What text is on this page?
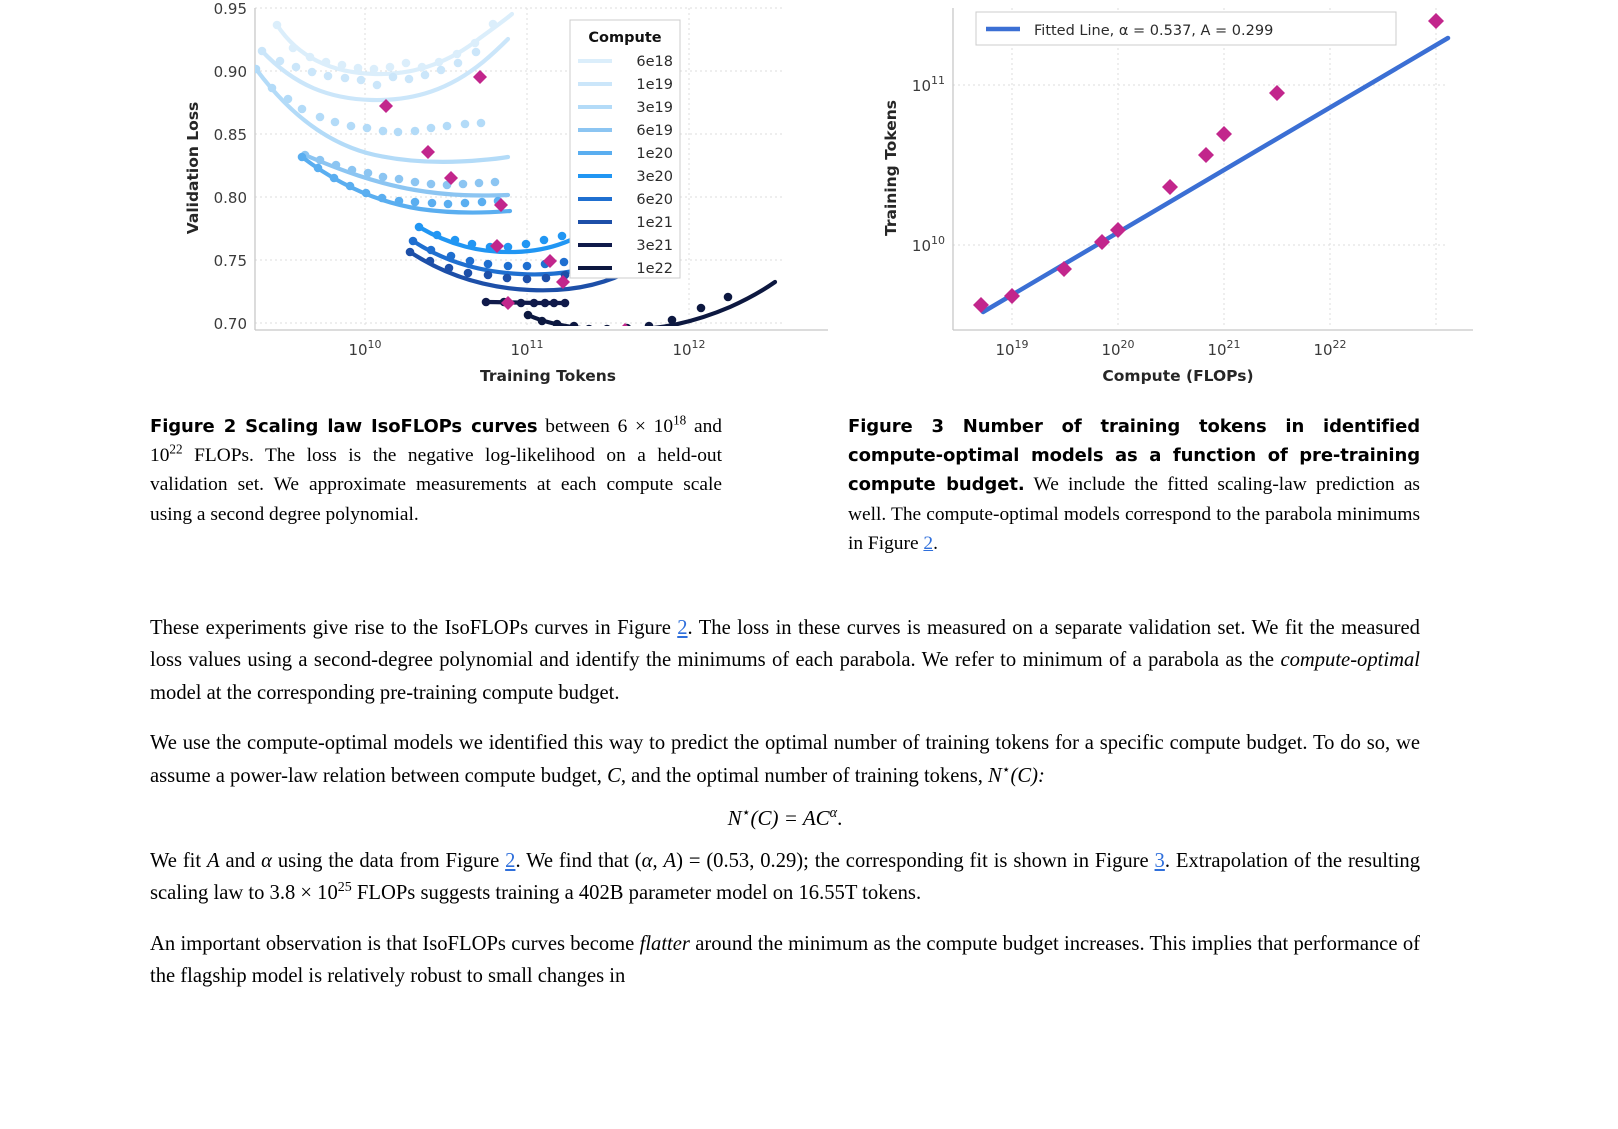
0.95
0.90
0.85
0.80
0.75
0.70
$10^{10}$	$10^{11}$	$10^{12}$
Training Tokens
Validation Loss
Compute
6e18
1e19
3e19
6e19
1e20
3e20
6e20
1e21
3e21
1e22
$10^{11}$
$10^{10}$
$10^{19}$	$10^{20}$	$10^{21}$	$10^{22}$
Compute (FLOPs)
Training Tokens
Fitted Line, α = 0.537, A = 0.299
Figure 2 Scaling law IsoFLOPs curves between $6 \times 10^{18}$ and $10^{22}$ FLOPs. The loss is the negative log-likelihood on a held-out validation set. We approximate measurements at each compute scale using a second degree polynomial.
Figure 3 Number of training tokens in identified compute-optimal models as a function of pre-training compute budget. We include the fitted scaling-law prediction as well. The compute-optimal models correspond to the parabola minimums in Figure 2.

These experiments give rise to the IsoFLOPs curves in Figure 2. The loss in these curves is measured on a separate validation set. We fit the measured loss values using a second-degree polynomial and identify the minimums of each parabola. We refer to minimum of a parabola as the compute-optimal model at the corresponding pre-training compute budget.

We use the compute-optimal models we identified this way to predict the optimal number of training tokens for a specific compute budget. To do so, we assume a power-law relation between compute budget, C, and the optimal number of training tokens, N⋆(C):

$N^⋆(C) = AC^\alpha$.

We fit A and α using the data from Figure 2. We find that (α, A) = (0.53, 0.29); the corresponding fit is shown in Figure 3. Extrapolation of the resulting scaling law to $3.8 \times 10^{25}$ FLOPs suggests training a 402B parameter model on 16.55T tokens.

An important observation is that IsoFLOPs curves become flatter around the minimum as the compute budget increases. This implies that performance of the flagship model is relatively robust to small changes in
